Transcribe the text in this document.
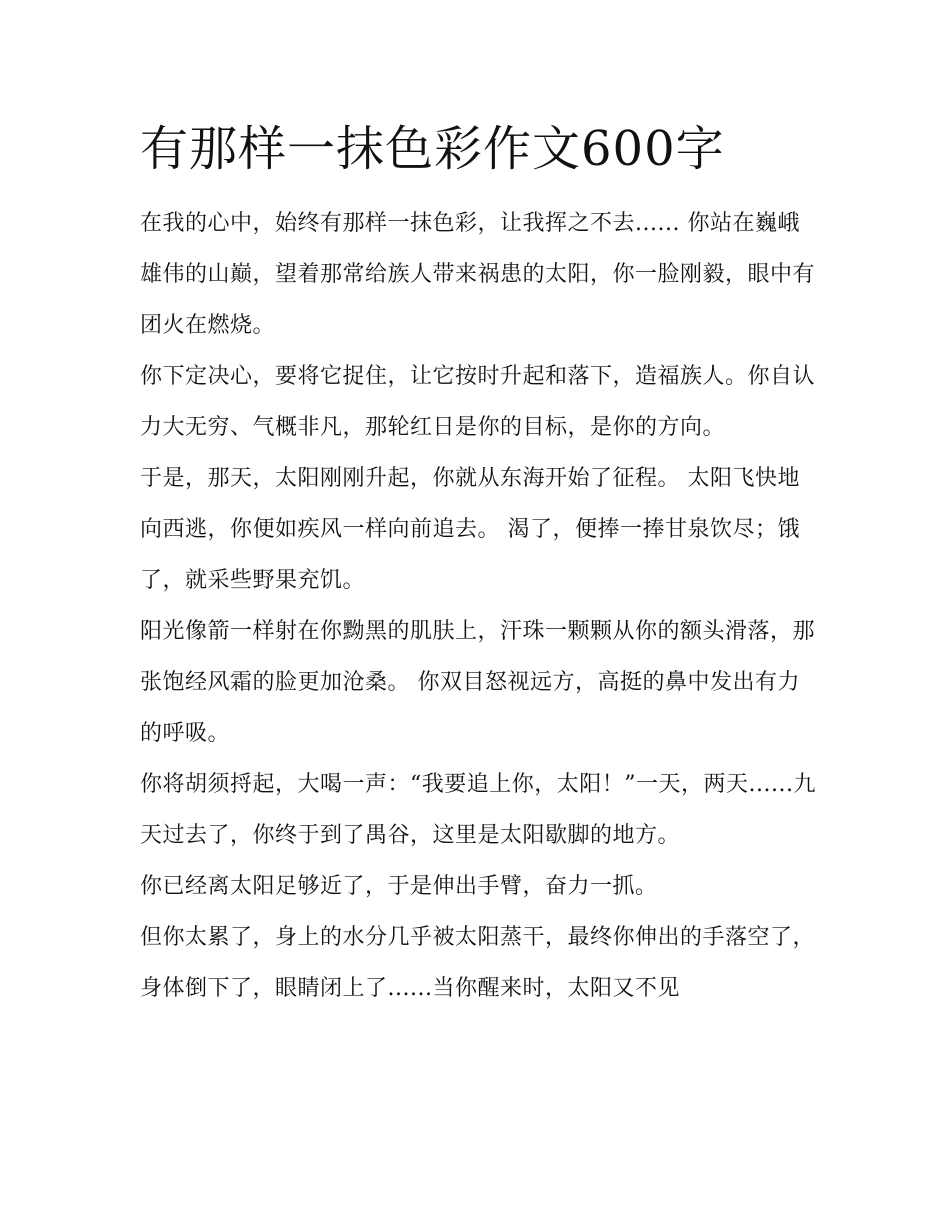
有那样一抹色彩作文600字

在我的心中，始终有那样一抹色彩，让我挥之不去...... 你站在巍峨雄伟的山巅，望着那常给族人带来祸患的太阳，你一脸刚毅，眼中有团火在燃烧。

你下定决心，要将它捉住，让它按时升起和落下，造福族人。你自认力大无穷、气概非凡，那轮红日是你的目标，是你的方向。

于是，那天，太阳刚刚升起，你就从东海开始了征程。 太阳飞快地向西逃，你便如疾风一样向前追去。 渴了，便捧一捧甘泉饮尽；饿了，就采些野果充饥。

阳光像箭一样射在你黝黑的肌肤上，汗珠一颗颗从你的额头滑落，那张饱经风霜的脸更加沧桑。 你双目怒视远方，高挺的鼻中发出有力的呼吸。

你将胡须捋起，大喝一声：“我要追上你，太阳！”一天，两天......九天过去了，你终于到了禺谷，这里是太阳歇脚的地方。

你已经离太阳足够近了，于是伸出手臂，奋力一抓。

但你太累了，身上的水分几乎被太阳蒸干，最终你伸出的手落空了，身体倒下了，眼睛闭上了......当你醒来时，太阳又不见
